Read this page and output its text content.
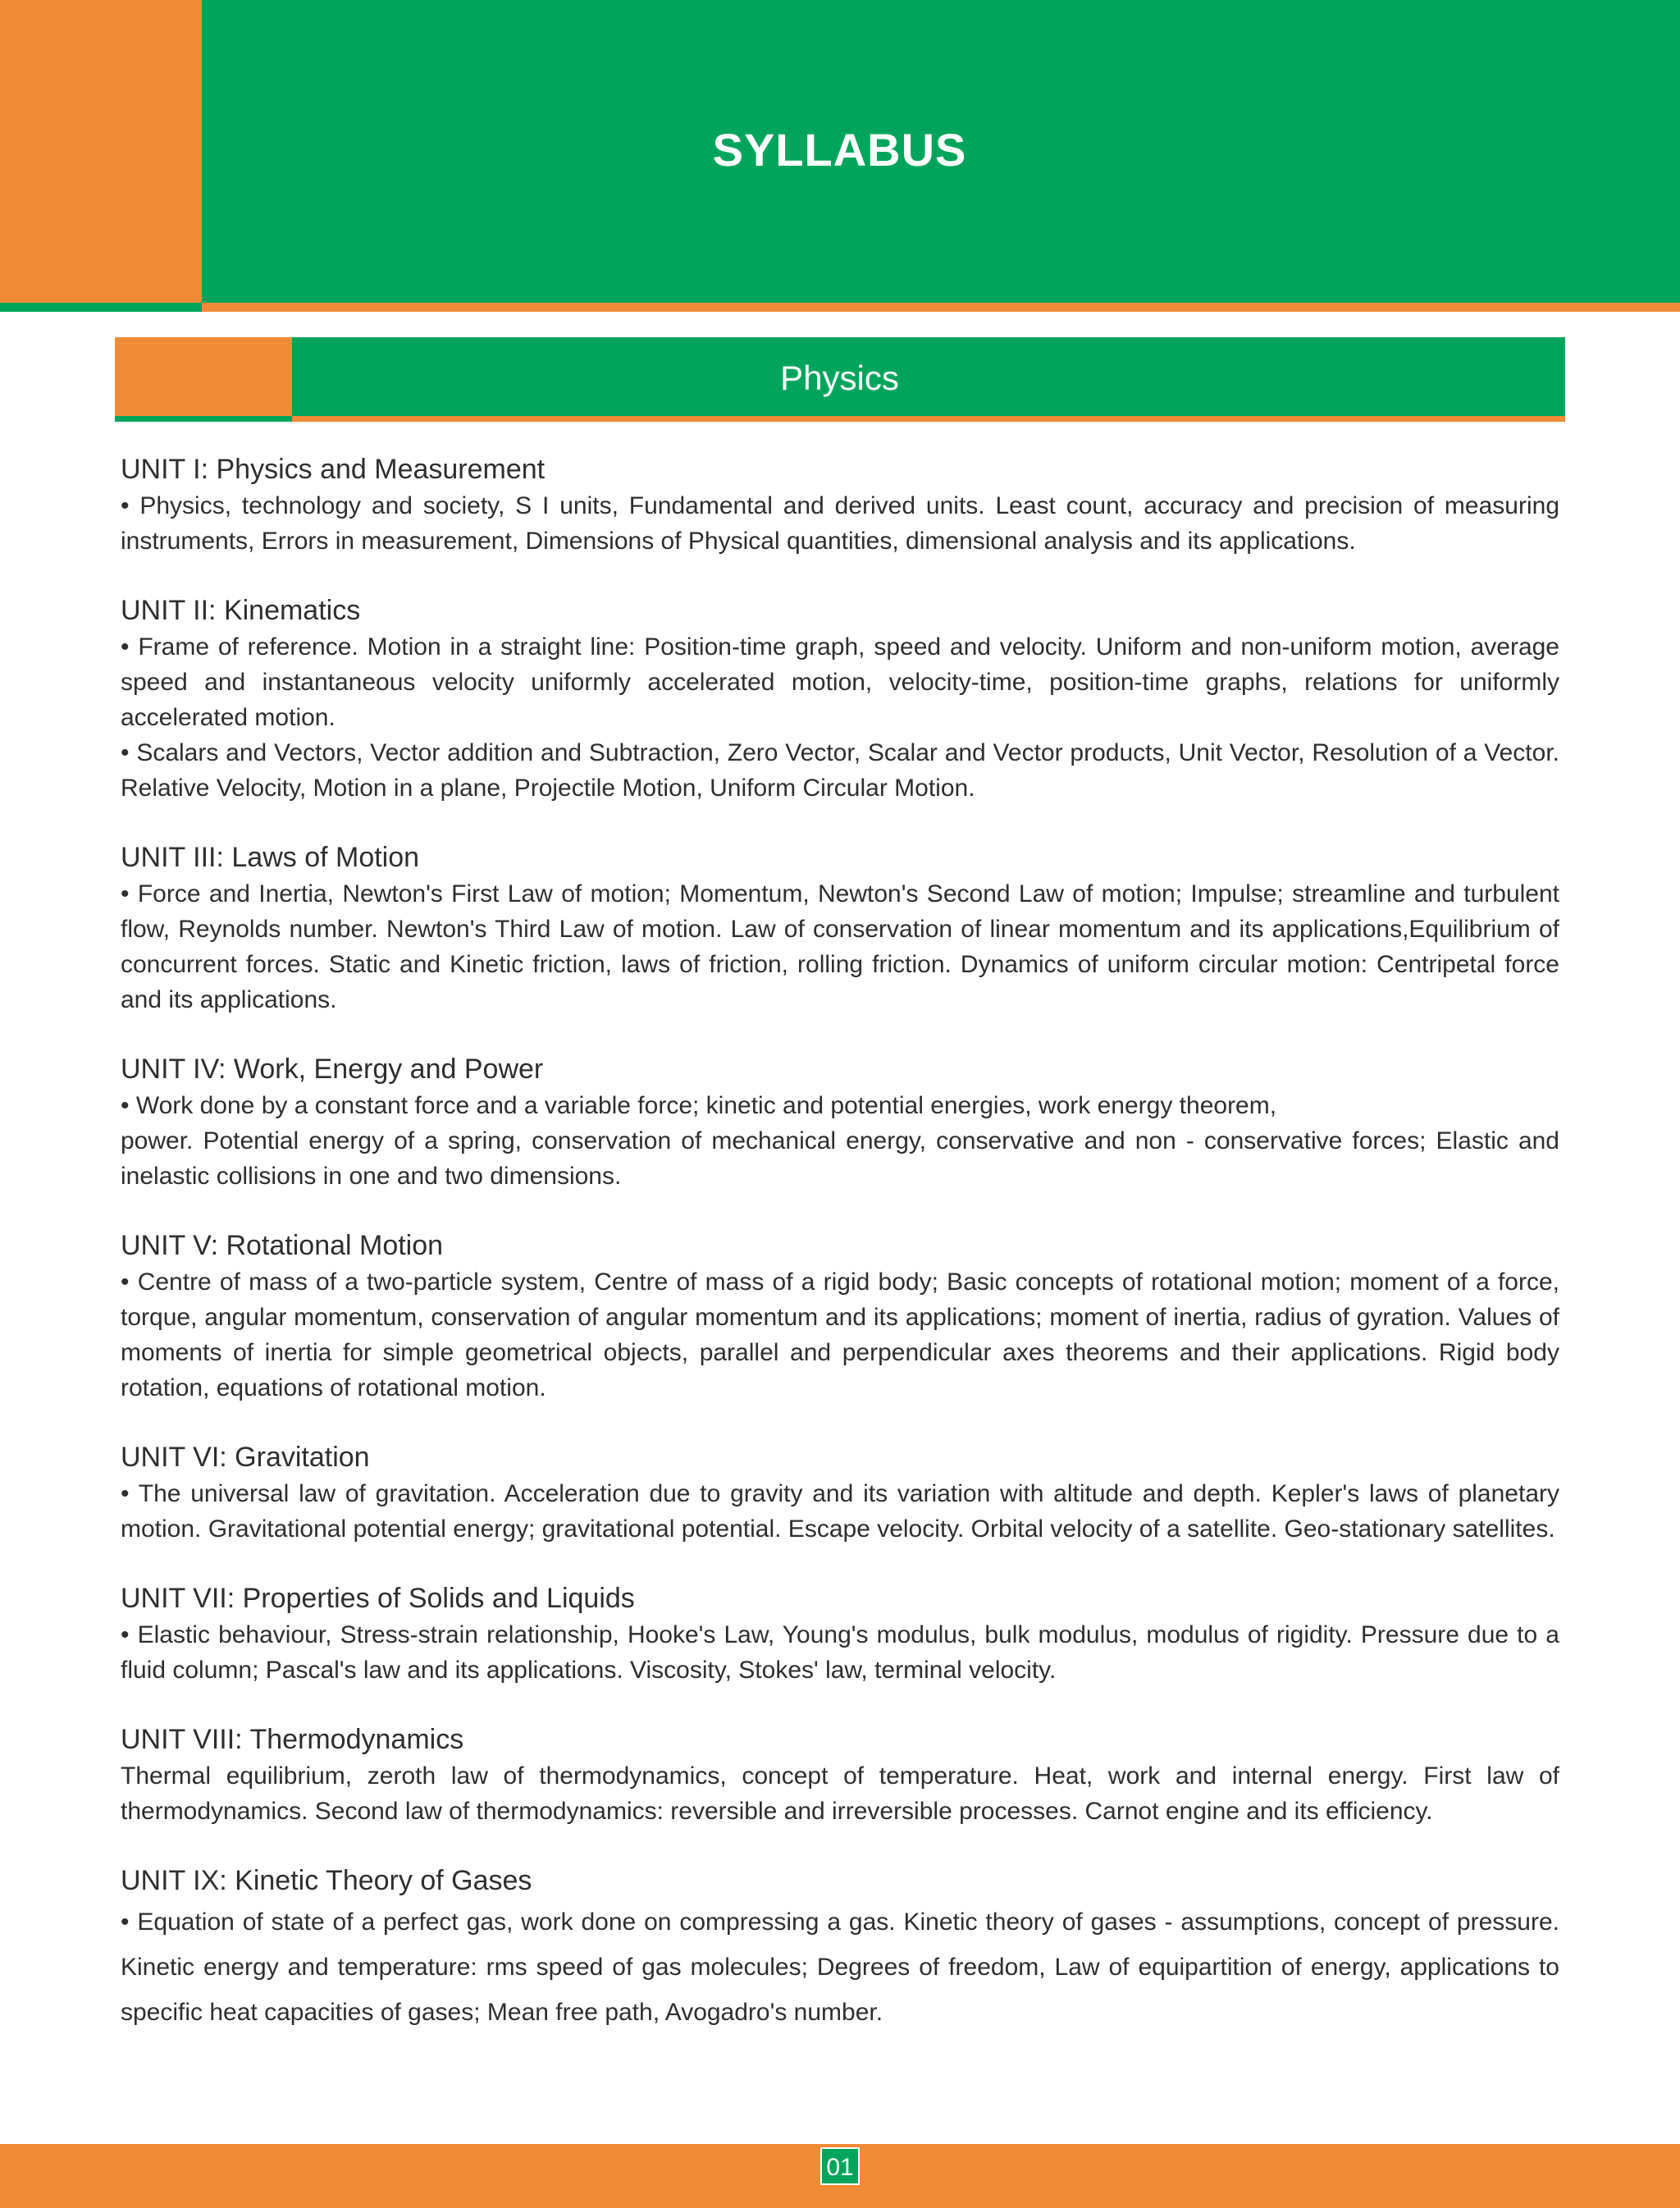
SYLLABUS
Physics
UNIT I: Physics and Measurement

• Physics, technology and society, S I units, Fundamental and derived units. Least count, accuracy and precision of measuring instruments, Errors in measurement, Dimensions of Physical quantities, dimensional analysis and its applications.

UNIT II: Kinematics

• Frame of reference. Motion in a straight line: Position-time graph, speed and velocity. Uniform and non-uniform motion, average speed and instantaneous velocity uniformly accelerated motion, velocity-time, position-time graphs, relations for uniformly accelerated motion.

• Scalars and Vectors, Vector addition and Subtraction, Zero Vector, Scalar and Vector products, Unit Vector, Resolution of a Vector. Relative Velocity, Motion in a plane, Projectile Motion, Uniform Circular Motion.

UNIT III: Laws of Motion

• Force and Inertia, Newton's First Law of motion; Momentum, Newton's Second Law of motion; Impulse; streamline and turbulent flow, Reynolds number. Newton's Third Law of motion. Law of conservation of linear momentum and its applications,Equilibrium of concurrent forces. Static and Kinetic friction, laws of friction, rolling friction. Dynamics of uniform circular motion: Centripetal force and its applications.

UNIT IV: Work, Energy and Power

• Work done by a constant force and a variable force; kinetic and potential energies, work energy theorem,

power. Potential energy of a spring, conservation of mechanical energy, conservative and non - conservative forces; Elastic and inelastic collisions in one and two dimensions.

UNIT V: Rotational Motion

• Centre of mass of a two-particle system, Centre of mass of a rigid body; Basic concepts of rotational motion; moment of a force, torque, angular momentum, conservation of angular momentum and its applications; moment of inertia, radius of gyration. Values of moments of inertia for simple geometrical objects, parallel and perpendicular axes theorems and their applications. Rigid body rotation, equations of rotational motion.

UNIT VI: Gravitation

• The universal law of gravitation. Acceleration due to gravity and its variation with altitude and depth. Kepler's laws of planetary motion. Gravitational potential energy; gravitational potential. Escape velocity. Orbital velocity of a satellite. Geo-stationary satellites.

UNIT VII: Properties of Solids and Liquids

• Elastic behaviour, Stress-strain relationship, Hooke's Law, Young's modulus, bulk modulus, modulus of rigidity. Pressure due to a fluid column; Pascal's law and its applications. Viscosity, Stokes' law, terminal velocity.

UNIT VIII: Thermodynamics

Thermal equilibrium, zeroth law of thermodynamics, concept of temperature. Heat, work and internal energy. First law of thermodynamics. Second law of thermodynamics: reversible and irreversible processes. Carnot engine and its efficiency.

UNIT IX: Kinetic Theory of Gases

• Equation of state of a perfect gas, work done on compressing a gas. Kinetic theory of gases - assumptions, concept of pressure. Kinetic energy and temperature: rms speed of gas molecules; Degrees of freedom, Law of equipartition of energy, applications to specific heat capacities of gases; Mean free path, Avogadro's number.

01
